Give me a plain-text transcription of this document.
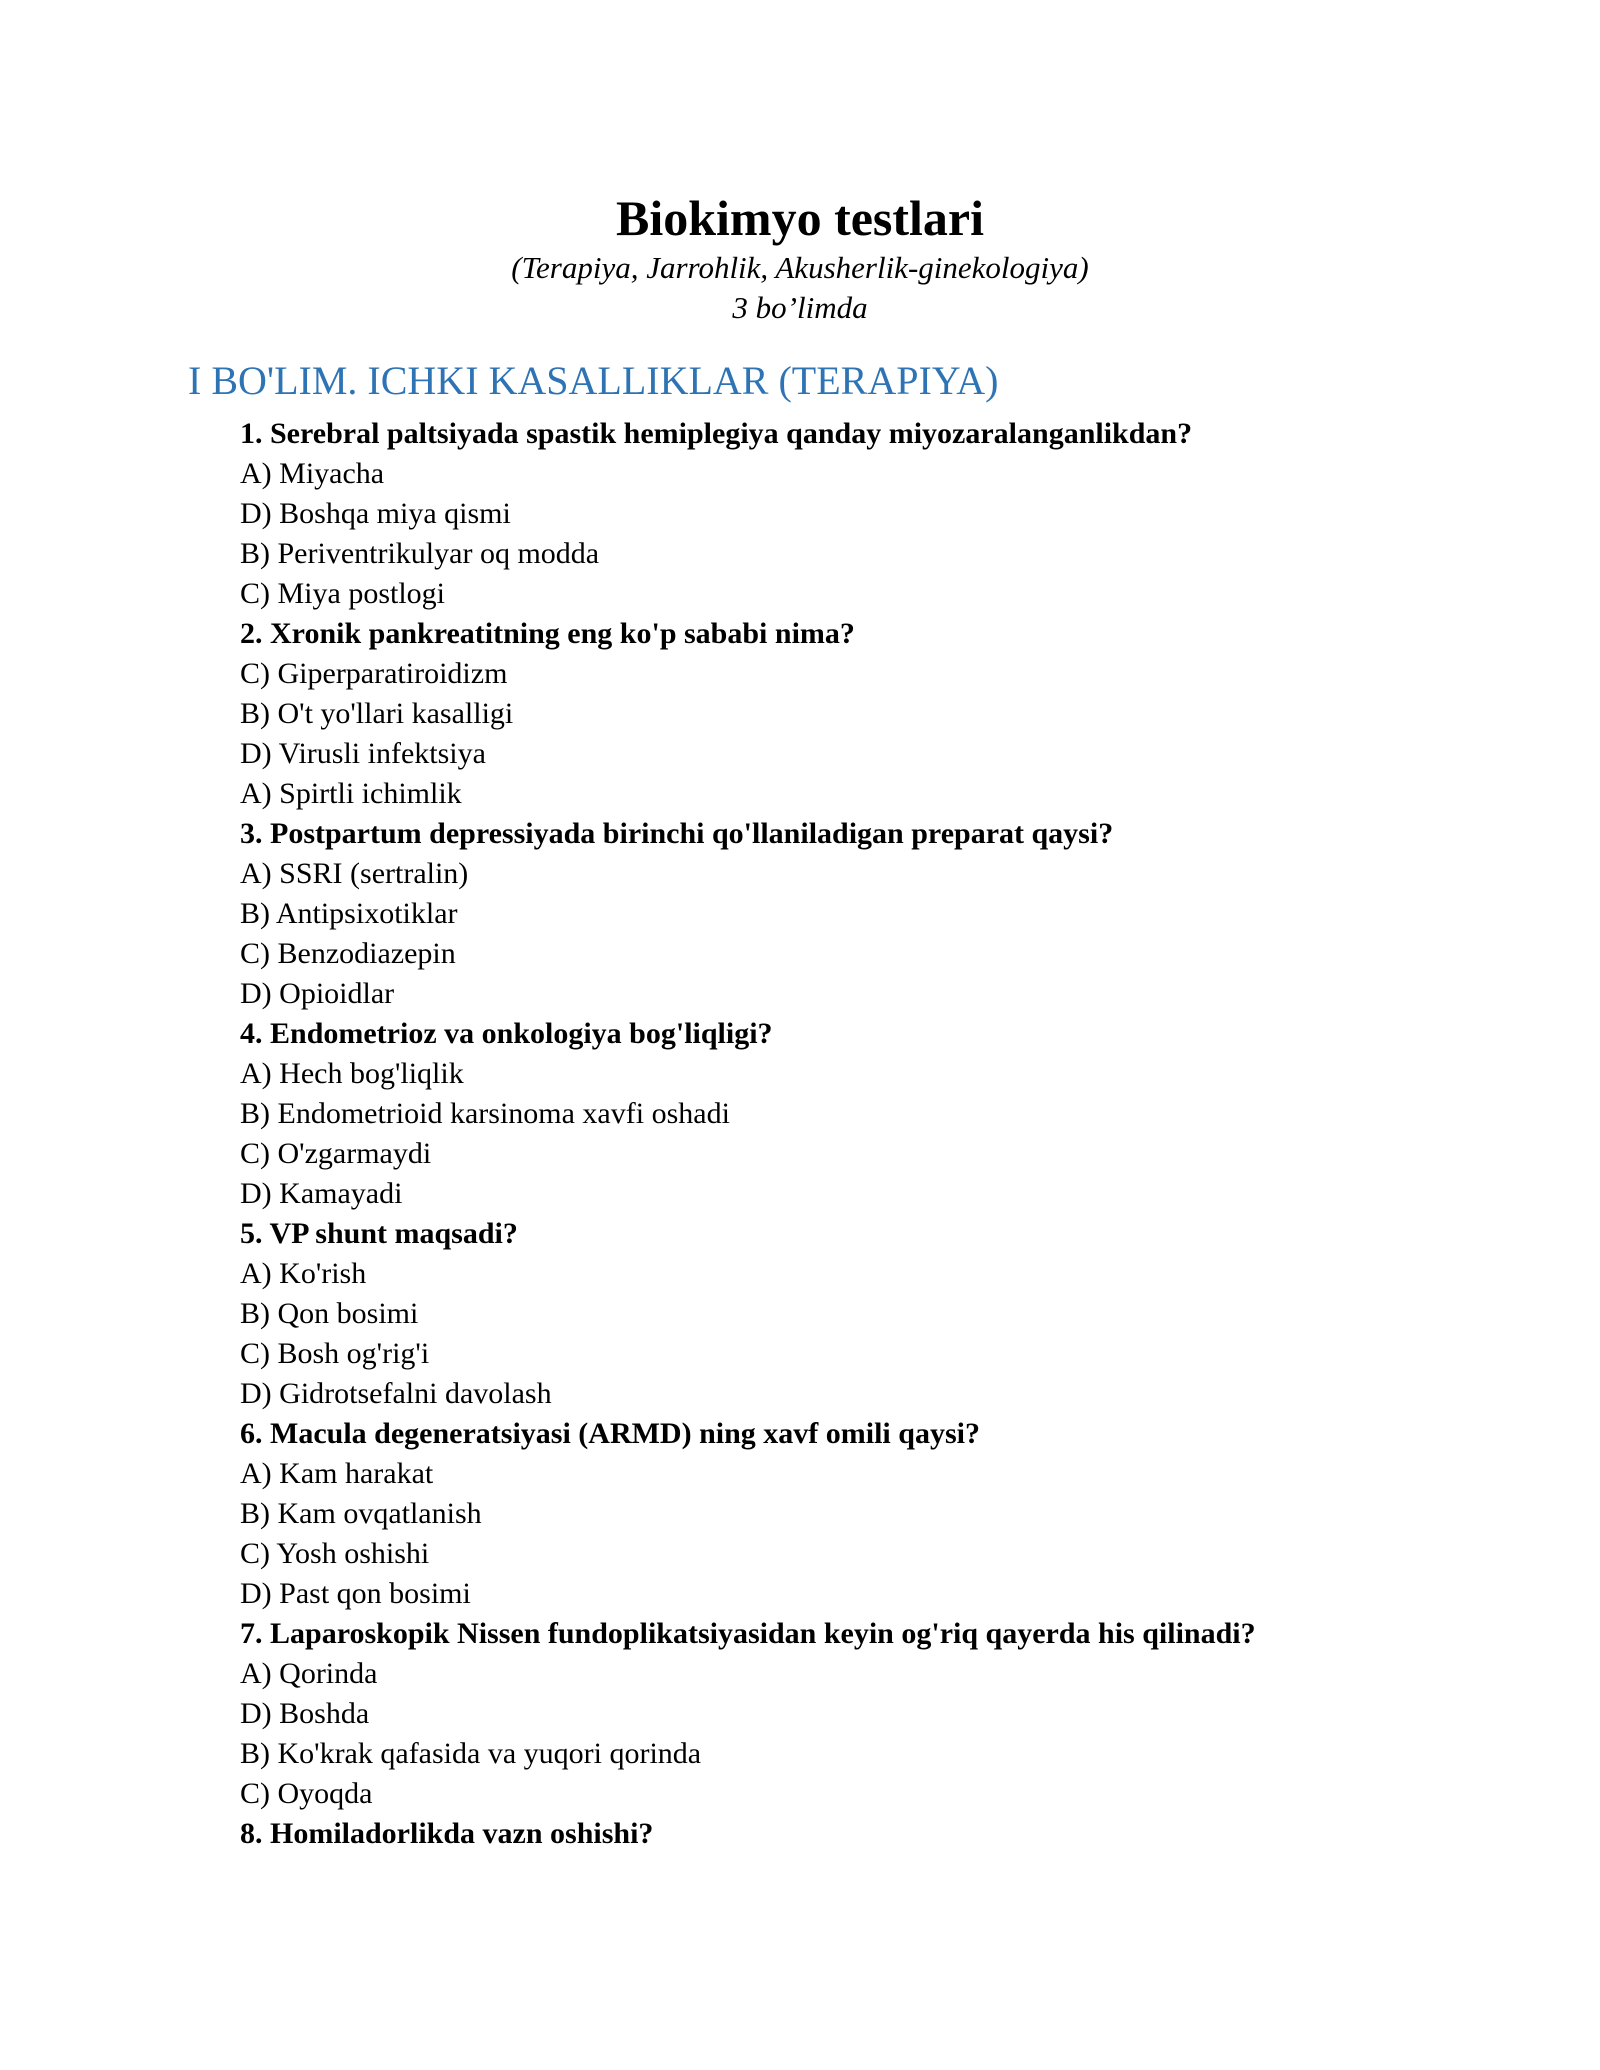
Biokimyo testlari
(Terapiya, Jarrohlik, Akusherlik-ginekologiya)
3 bo’limda
I BO'LIM. ICHKI KASALLIKLAR (TERAPIYA)
1. Serebral paltsiyada spastik hemiplegiya qanday miyozaralanganlikdan?
A) Miyacha
D) Boshqa miya qismi
B) Periventrikulyar oq modda
C) Miya postlogi
2. Xronik pankreatitning eng ko'p sababi nima?
C) Giperparatiroidizm
B) O't yo'llari kasalligi
D) Virusli infektsiya
A) Spirtli ichimlik
3. Postpartum depressiyada birinchi qo'llaniladigan preparat qaysi?
A) SSRI (sertralin)
B) Antipsixotiklar
C) Benzodiazepin
D) Opioidlar
4. Endometrioz va onkologiya bog'liqligi?
A) Hech bog'liqlik
B) Endometrioid karsinoma xavfi oshadi
C) O'zgarmaydi
D) Kamayadi
5. VP shunt maqsadi?
A) Ko'rish
B) Qon bosimi
C) Bosh og'rig'i
D) Gidrotsefalni davolash
6. Macula degeneratsiyasi (ARMD) ning xavf omili qaysi?
A) Kam harakat
B) Kam ovqatlanish
C) Yosh oshishi
D) Past qon bosimi
7. Laparoskopik Nissen fundoplikatsiyasidan keyin og'riq qayerda his qilinadi?
A) Qorinda
D) Boshda
B) Ko'krak qafasida va yuqori qorinda
C) Oyoqda
8. Homiladorlikda vazn oshishi?
